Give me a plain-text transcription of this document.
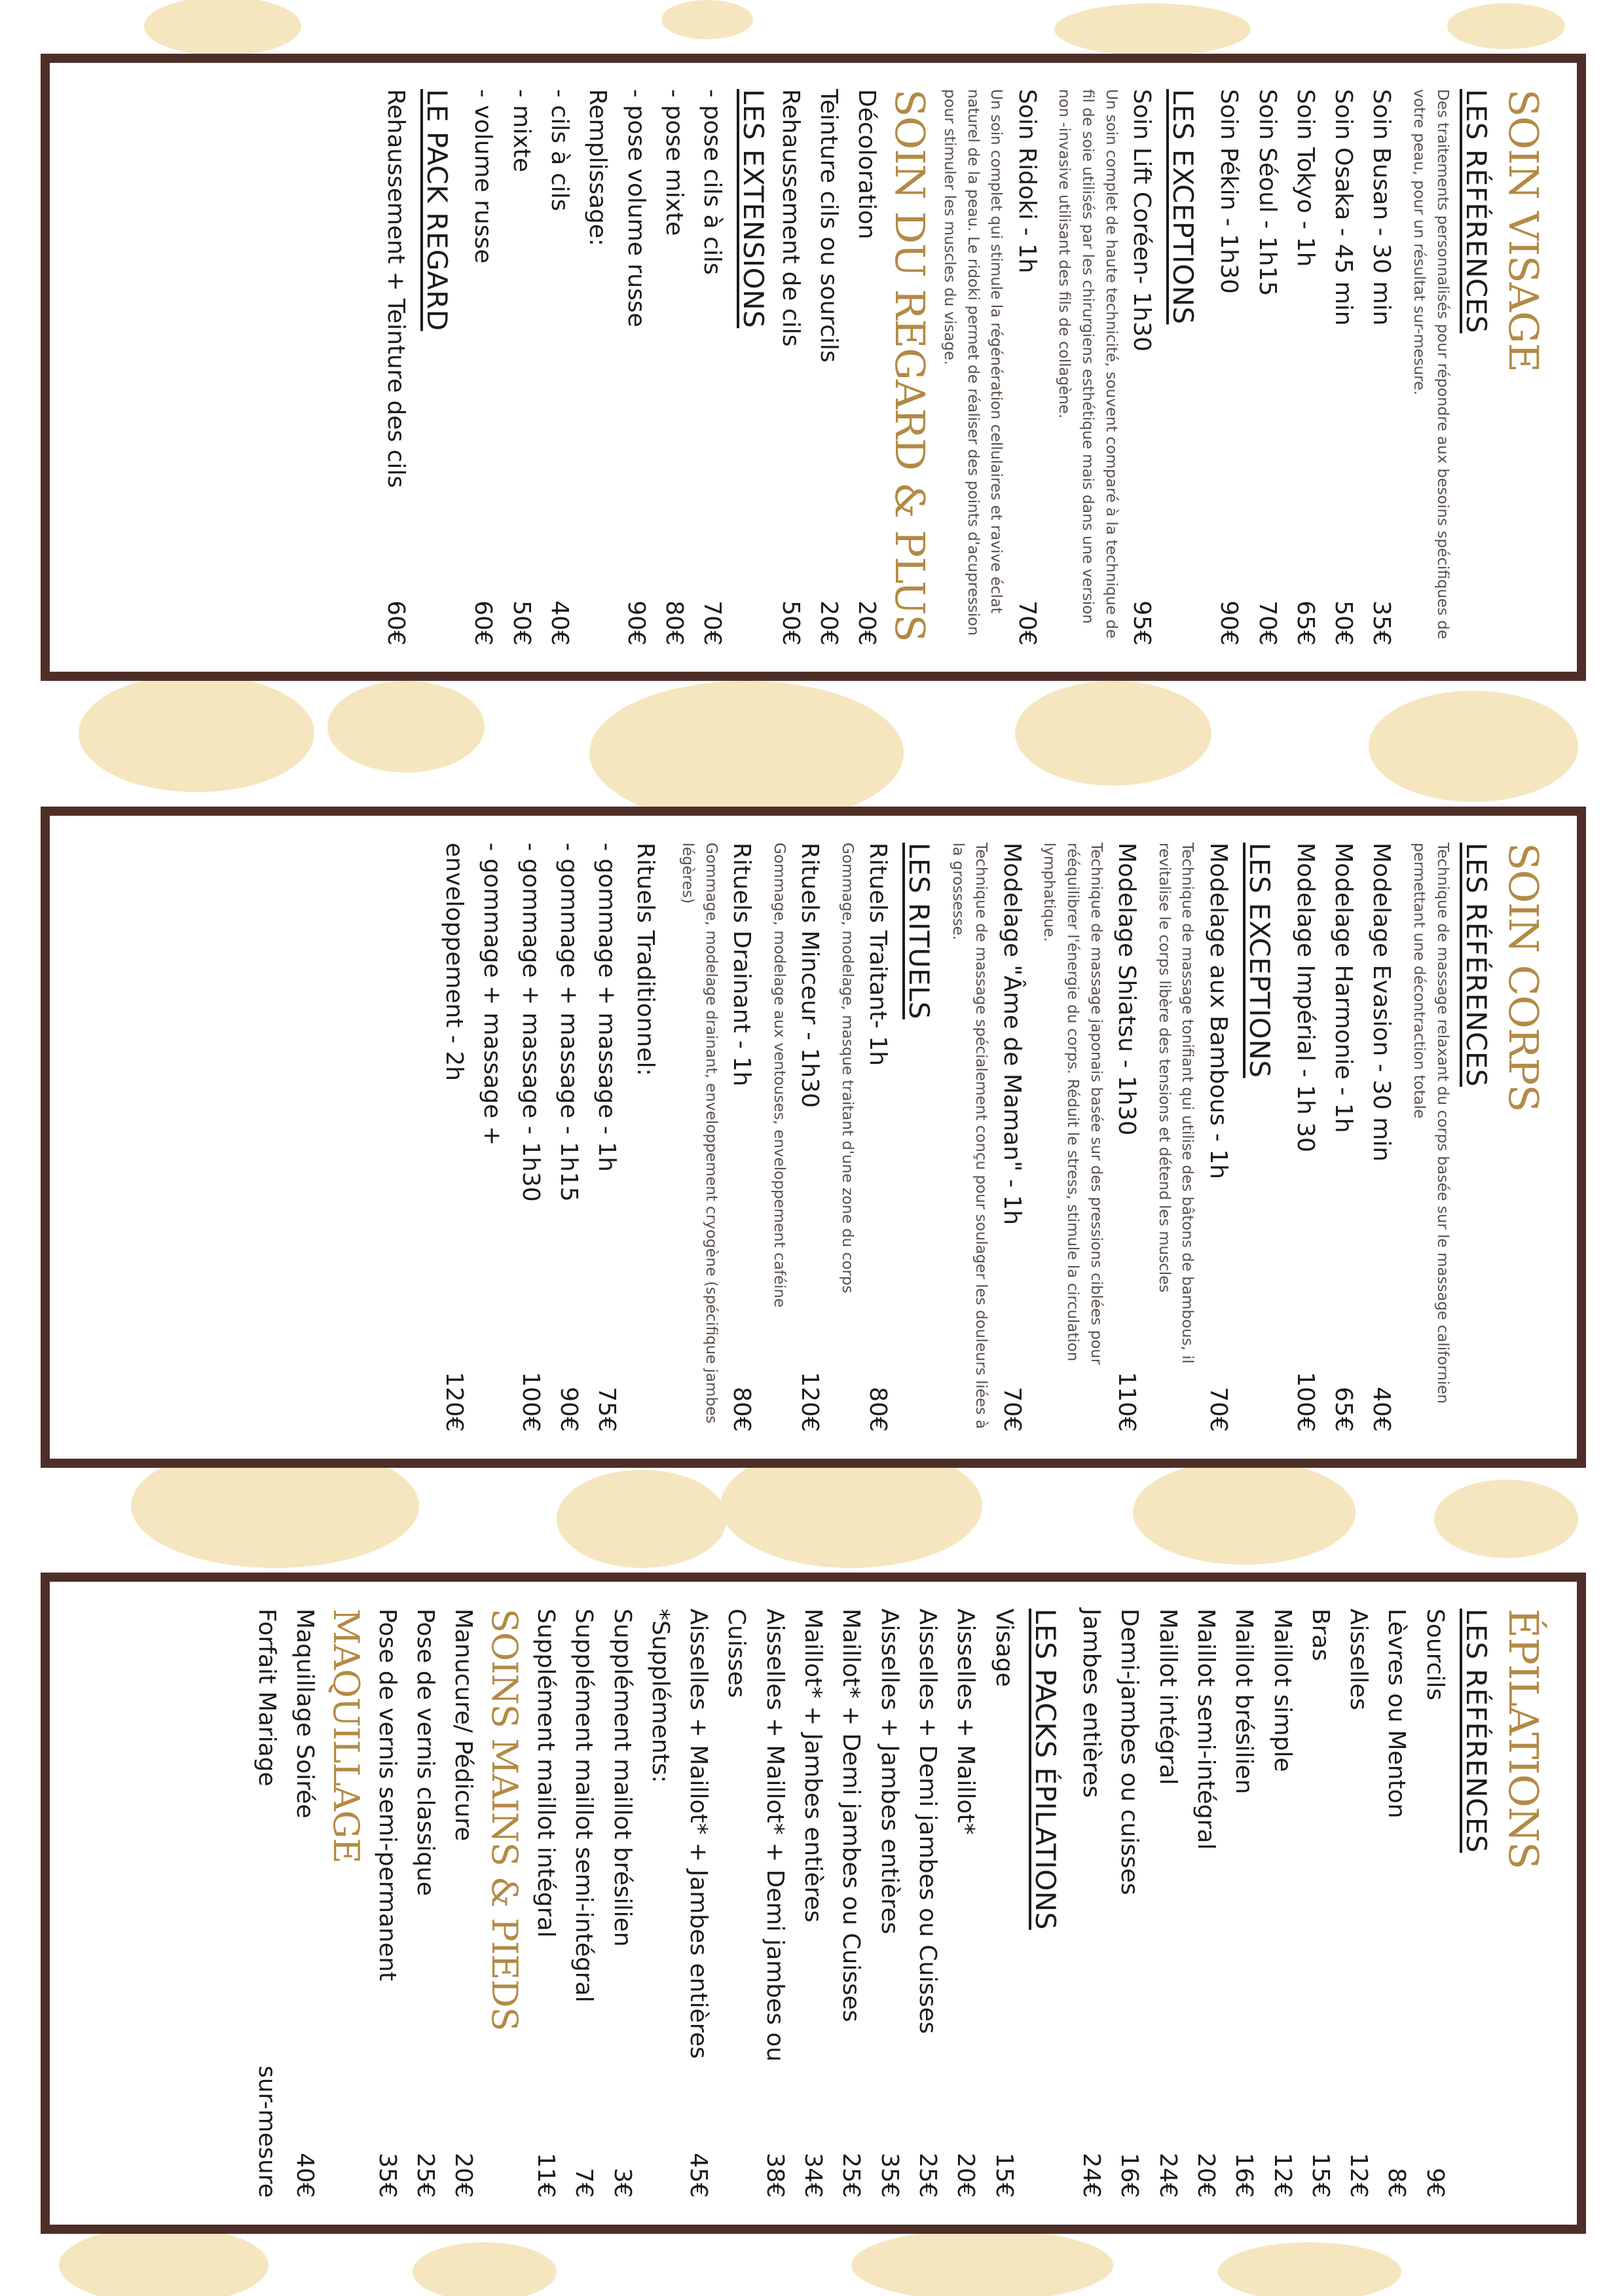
SOIN VISAGE
LES RÉFÉRENCES
Des traitements personnalisés pour répondre aux besoins spécifiques de votre peau, pour un résultat sur-mesure.
Soin Busan - 30 min
35€
Soin Osaka - 45 min
50€
Soin Tokyo - 1h
65€
Soin Séoul - 1h15
70€
Soin Pékin - 1h30
90€
LES EXCEPTIONS
Soin Lift Coréen- 1h30
95€
Un soin complet de haute technicité, souvent comparé à la technique de fil de soie utilisés par les chirurgiens esthétique mais dans une version non -invasive utilisant des fils de collagène.
Soin Ridoki - 1h
70€
Un soin complet qui stimule la régénération cellulaires et ravive éclat naturel de la peau. Le ridoki permet de réaliser des points d'acupression pour stimuler les muscles du visage.
SOIN DU REGARD & PLUS
Décoloration
20€
Teinture cils ou sourcils
20€
Rehaussement de cils
50€
LES EXTENSIONS
- pose cils à cils
70€
- pose mixte
80€
- pose volume russe
90€
Remplissage:
- cils à cils
40€
- mixte
50€
- volume russe
60€
LE PACK REGARD
Rehaussement + Teinture des cils
60€
SOIN CORPS
LES RÉFÉRENCES
Technique de massage relaxant du corps basée sur le massage californien permettant une décontraction totale
Modelage Evasion - 30 min
40€
Modelage Harmonie - 1h
65€
Modelage Impérial - 1h 30
100€
LES EXCEPTIONS
Modelage aux Bambous - 1h
70€
Technique de massage tonifiant qui utilise des bâtons de bambous, il revitalise le corps libère des tensions et détend les muscles
Modelage Shiatsu - 1h30
110€
Technique de massage japonais basée sur des pressions ciblées pour rééquilibrer l'énergie du corps. Réduit le stress, stimule la circulation lymphatique.
Modelage "Âme de Maman" - 1h
70€
Technique de massage spécialement conçu pour soulager les douleurs liées à la grossesse.
LES RITUELS
Rituels Traitant- 1h
80€
Gommage, modelage, masque traitant d'une zone du corps
Rituels Minceur - 1h30
120€
Gommage, modelage aux ventouses, enveloppement caféine
Rituels Drainant - 1h
80€
Gommage, modelage drainant, enveloppement cryogène (spécifique jambes légères)
Rituels Traditionnel:
- gommage + massage - 1h
75€
- gommage + massage - 1h15
90€
- gommage + massage - 1h30
100€
- gommage + massage +
enveloppement - 2h
120€
ÉPILATIONS
LES RÉFÉRENCES
Sourcils
9€
Lèvres ou Menton
8€
Aisselles
12€
Bras
15€
Maillot simple
12€
Maillot brésilien
16€
Maillot semi-intégral
20€
Maillot intégral
24€
Demi-jambes ou cuisses
16€
Jambes entières
24€
LES PACKS ÉPILATIONS
Visage
15€
Aisselles + Maillot*
20€
Aisselles + Demi jambes ou Cuisses
25€
Aisselles + Jambes entières
35€
Maillot* + Demi jambes ou Cuisses
25€
Maillot* + Jambes entières
34€
Aisselles + Maillot* + Demi jambes ou
38€
Cuisses
Aisselles + Maillot* + Jambes entières
45€
*Suppléments:
Supplément maillot brésilien
3€
Supplément maillot semi-intégral
7€
Supplément maillot intégral
11€
SOINS MAINS & PIEDS
Manucure/ Pédicure
20€
Pose de vernis classique
25€
Pose de vernis semi-permanent
35€
MAQUILLAGE
Maquillage Soirée
40€
Forfait Mariage
sur-mesure
